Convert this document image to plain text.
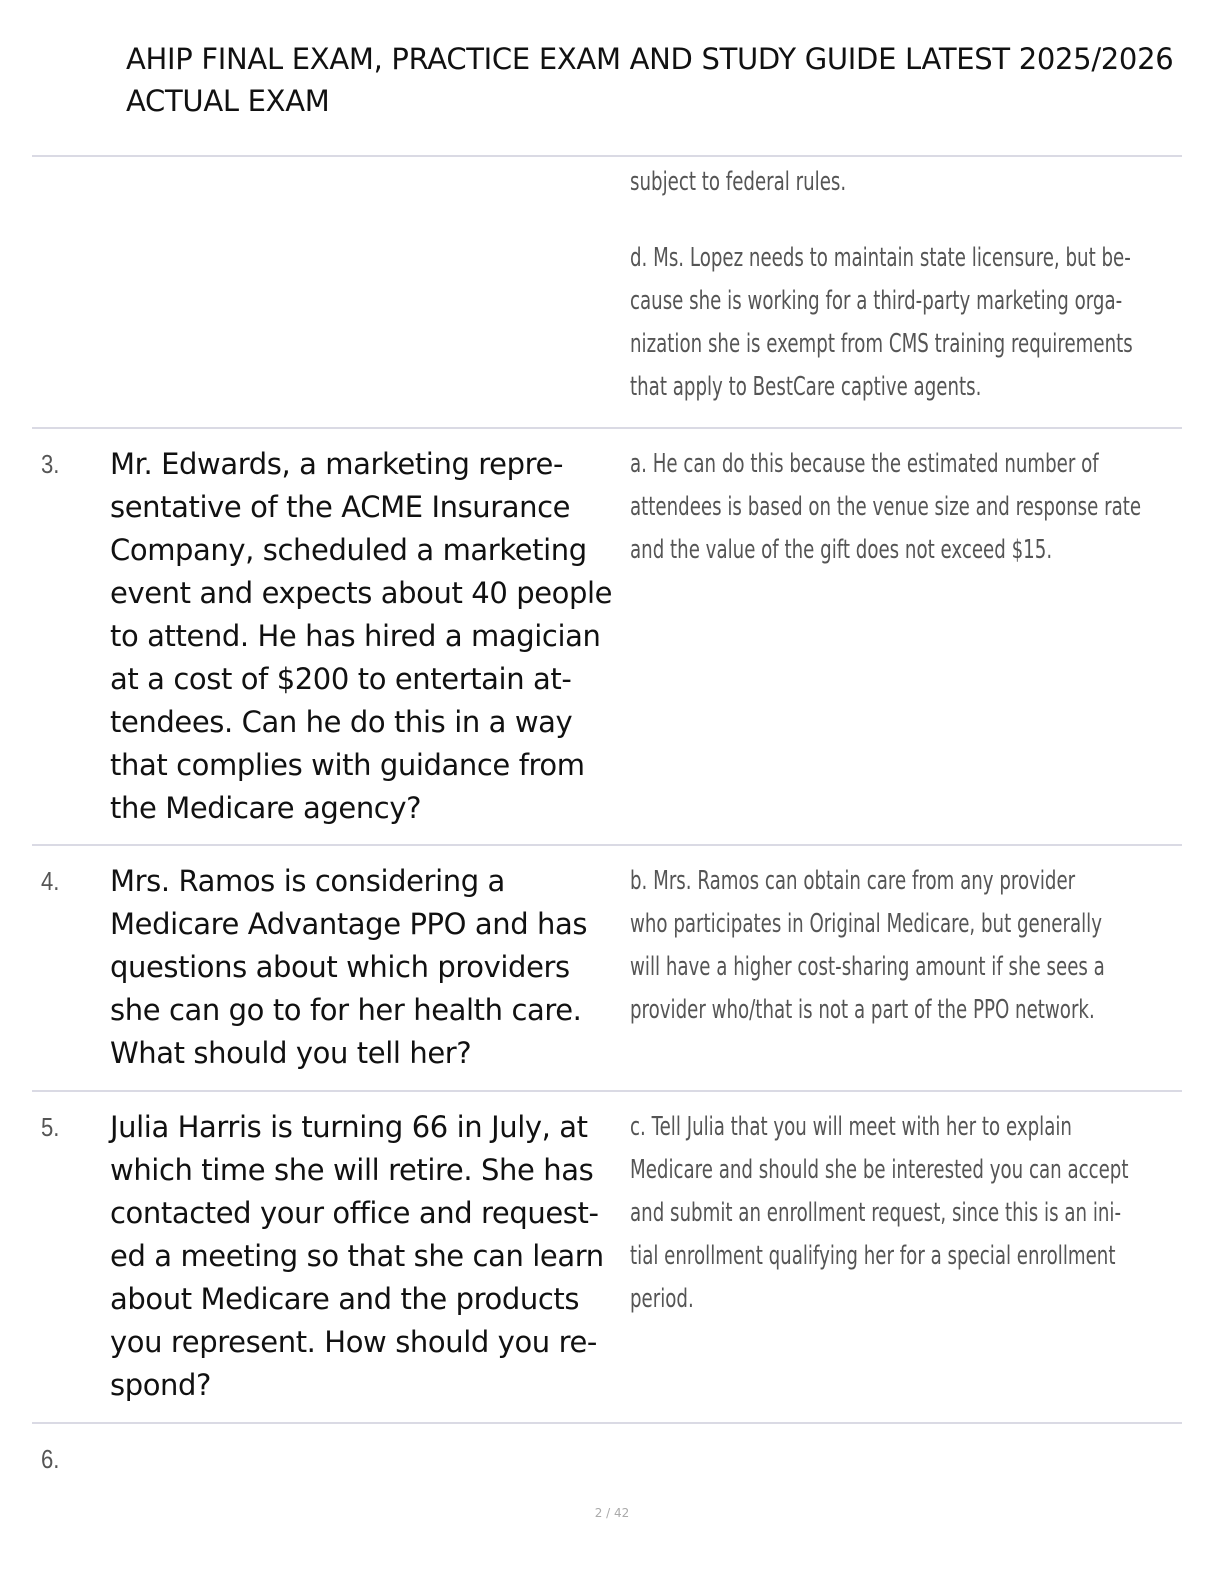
AHIP FINAL EXAM, PRACTICE EXAM AND STUDY GUIDE LATEST 2025/2026
ACTUAL EXAM
subject to federal rules.
d. Ms. Lopez needs to maintain state licensure, but be-
cause she is working for a third-party marketing orga-
nization she is exempt from CMS training requirements
that apply to BestCare captive agents.
3. Mr. Edwards, a marketing repre-
sentative of the ACME Insurance
Company, scheduled a marketing
event and expects about 40 people
to attend. He has hired a magician
at a cost of $200 to entertain at-
tendees. Can he do this in a way
that complies with guidance from
the Medicare agency?
a. He can do this because the estimated number of
attendees is based on the venue size and response rate
and the value of the gift does not exceed $15.
4. Mrs. Ramos is considering a
Medicare Advantage PPO and has
questions about which providers
she can go to for her health care.
What should you tell her?
b. Mrs. Ramos can obtain care from any provider
who participates in Original Medicare, but generally
will have a higher cost-sharing amount if she sees a
provider who/that is not a part of the PPO network.
5. Julia Harris is turning 66 in July, at
which time she will retire. She has
contacted your office and request-
ed a meeting so that she can learn
about Medicare and the products
you represent. How should you re-
spond?
c. Tell Julia that you will meet with her to explain
Medicare and should she be interested you can accept
and submit an enrollment request, since this is an ini-
tial enrollment qualifying her for a special enrollment
period.
6.
2 / 42
